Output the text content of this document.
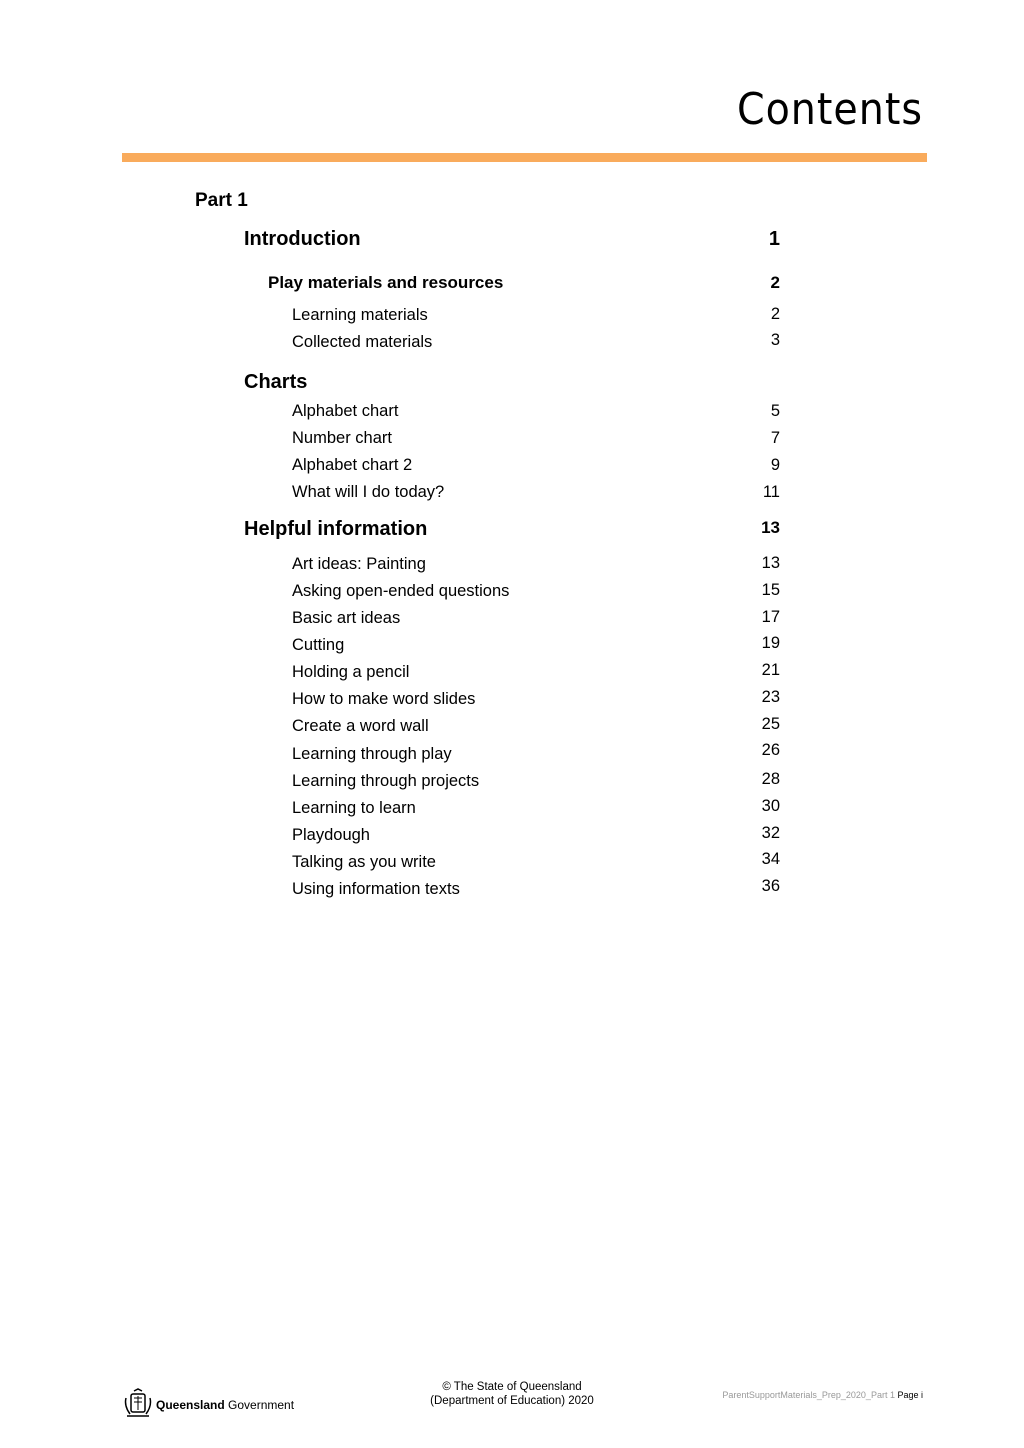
Contents
Part 1
Introduction	1
Play materials and resources	2
Learning materials	2
Collected materials	3
Charts
Alphabet chart	5
Number chart	7
Alphabet chart 2	9
What will I do today?	11
Helpful information	13
Art ideas: Painting	13
Asking open-ended questions	15
Basic art ideas	17
Cutting	19
Holding a pencil	21
How to make word slides	23
Create a word wall	25
Learning through play	26
Learning through projects	28
Learning to learn	30
Playdough	32
Talking as you write	34
Using information texts	36
Queensland Government
© The State of Queensland
(Department of Education) 2020	ParentSupportMaterials_Prep_2020_Part 1 Page i
